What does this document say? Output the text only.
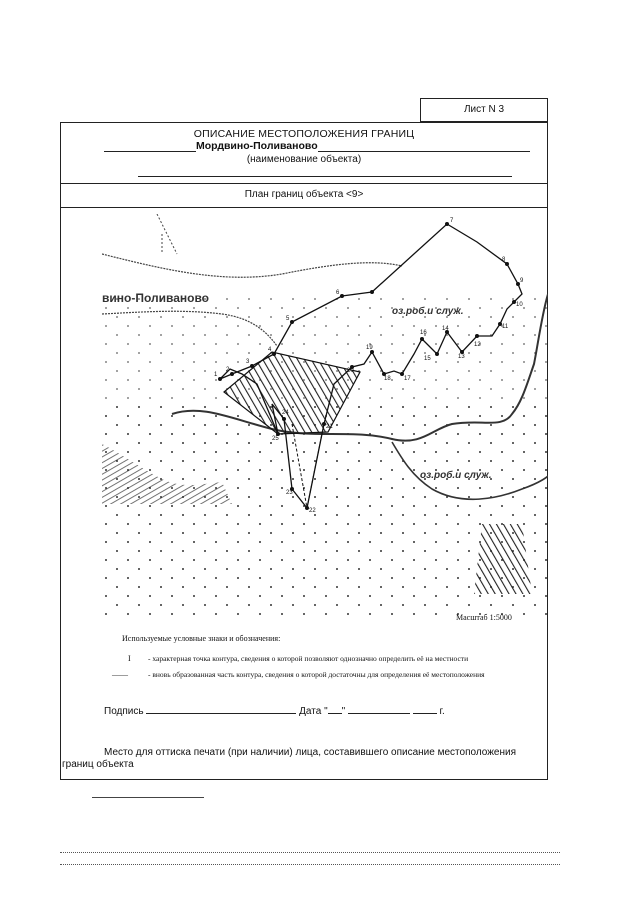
Лист N 3
ОПИСАНИЕ МЕСТОПОЛОЖЕНИЯ ГРАНИЦ
Мордвино-Поливаново
(наименование объекта)
План границ объекта <9>
1
2
3
4
5
6
7
8
9
10
11
12
13
14
15
16
17
18
19
20
21
22
23
24
25
вино-Поливаново
оз.роб.и служ.
оз.роб.и служ.
Масштаб 1:5000
Используемые условные знаки и обозначения:
I - характерная точка контура, сведения о которой позволяют однозначно определить её на местности
——	- вновь образованная часть контура, сведения о которой достаточны для определения её местоположения
Подпись	Дата " "	г.
Место для оттиска печати (при наличии) лица, составившего описание местоположения границ объекта
